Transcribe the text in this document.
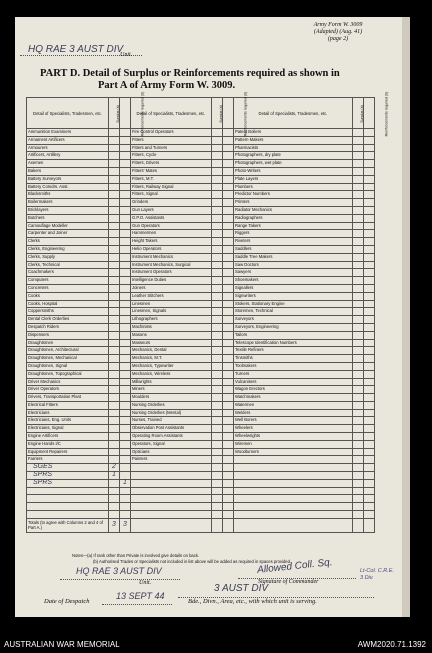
Army Form W. 3009
(Adapted) (Aug. 41)
(page 2)
HQ RAE 3 AUST DIV
Unit.
PART D. Detail of Surplus or Reinforcements required as shown in
Part A of Army Form W. 3009.
Detail of Specialists, Tradesmen, etc.	Surplus (a)	Reinforcements required (b)	Detail of Specialists, Tradesmen, etc.	Surplus (a)	Reinforcements required (b)	Detail of Specialists, Tradesmen, etc.	Surplus (a)	Reinforcements required (b)
Ammunition Examiners			Fire Control Operators			Patent Boilers		
Armament Artificers			Fitters			Pattern Makers		
Armourers			Fitters and Turners			Pharmacists		
Artificers, Artillery			Fitters, Cycle			Photographers, dry plate		
Axemen			Fitters, Drivers			Photographers, wet plate		
Bakers			Fitters' Mates			Photo-Writers		
Battery Surveyors			Fitters, M.T.			Plate Layers		
Battery Comdrs. Asst.			Fitters, Railway Signal			Plumbers		
Blacksmiths			Fitters, Signal			Predictor Numbers		
Boilermakers			Grinders			Printers		
Bricklayers			Gun Layers			Radiator Mechanics		
Butchers			G.P.O. Assistants			Radiographers		
Camouflage Modeller			Gun Operators			Range Takers		
Carpenter and Joiner			Hammermen			Riggers		
Clerks			Height Takers			Riveters		
Clerks, Engineering			Helio Operators			Saddlers		
Clerks, Supply			Instrument Mechanics			Saddle Tree Makers		
Clerks, Technical			Instrument Mechanics, Surgical			Saw Doctors		
Coachmakers			Instrument Operators			Sawyers		
Computers			Intelligence Duties			Shoemakers		
Concreters			Joiners			Signallers		
Cooks			Leather Stitchers			Signwriters		
Cooks, Hospital			Linesmen			Stokers, Stationary Engine		
Coppersmiths			Linesmen, Signals			Storemen, Technical		
Dental Clerk Orderlies			Lithographers			Surveyors		
Despatch Riders			Machinists			Surveyors, Engineering		
Dispensers			Masons			Tailors		
Draughtsmen			Masseurs			Telescope Identification Numbers		
Draughtsmen, Architectural			Mechanics, Dental			Textile Refiners		
Draughtsmen, Mechanical			Mechanics, M.T.			Tinsmiths		
Draughtsmen, Signal			Mechanics, Typewriter			Toolmakers		
Draughtsmen, Topographical			Mechanics, Wireless			Turners		
Driver Mechanics			Millwrights			Vulcanisers		
Driver Operators			Miners			Wagon Erectors		
Drivers, Transportation Plant			Moulders			Watchmakers		
Electrical Fitters			Nursing Orderlies			Watermen		
Electricians			Nursing Orderlies (Mental)			Welders		
Electricians, Eng. Units			Nurses, Trained			Well Borers		
Electricians, Signal			Observation Post Assistants			Wheelers		
Engine Artificers			Operating Room Assistants			Wheelwrights		
Engine Hands I/C			Operators, Signal			Wiremen		
Equipment Repairers			Opticians			Woodturners		
Farriers			Painters					
SGES	2							
SPRS	1							
SPRS		1						

Totals (to agree with Columns 2 and 4 of Part A.)	3	3						
Notes—(a) If rank other than Private is involved give details on back.
(b) Authorised Trades or Specialists not included in list above will be added as required in spaces provided.
HQ RAE 3 AUST DIV
Unit.
Allowed Coll. Sq.	Lt-Col. C.R.E. 3 Div.
Signature of Commander
Date of Despatch
13 SEPT 44
3 AUST DIV
Bde., Divn., Area, etc., with which unit is serving.
AUSTRALIAN WAR MEMORIAL	AWM2020.71.1392
